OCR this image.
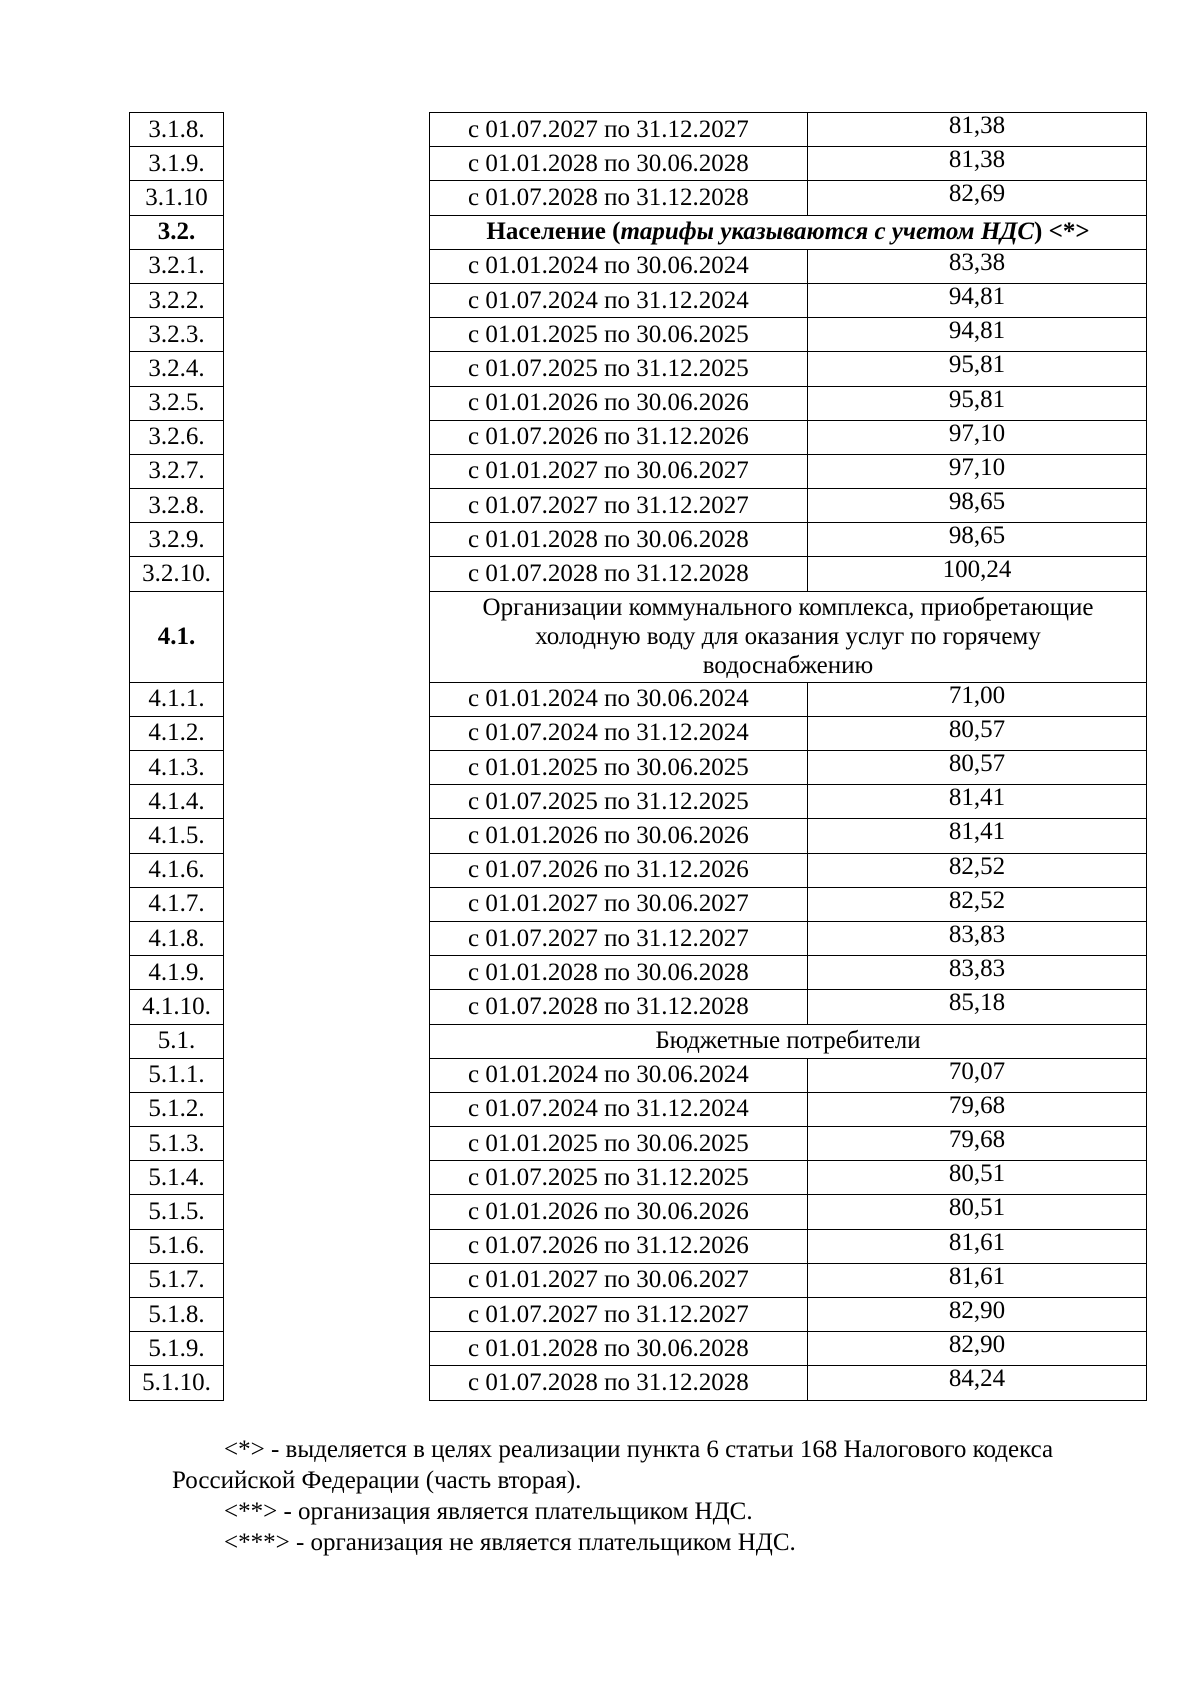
3.1.8.		с 01.07.2027 по 31.12.2027	81,38
3.1.9.		с 01.01.2028 по 30.06.2028	81,38
3.1.10		с 01.07.2028 по 31.12.2028	82,69
3.2.		Население (тарифы указываются с учетом НДС) <*>	
3.2.1.		с 01.01.2024 по 30.06.2024	83,38
3.2.2.		с 01.07.2024 по 31.12.2024	94,81
3.2.3.		с 01.01.2025 по 30.06.2025	94,81
3.2.4.		с 01.07.2025 по 31.12.2025	95,81
3.2.5.		с 01.01.2026 по 30.06.2026	95,81
3.2.6.		с 01.07.2026 по 31.12.2026	97,10
3.2.7.		с 01.01.2027 по 30.06.2027	97,10
3.2.8.		с 01.07.2027 по 31.12.2027	98,65
3.2.9.		с 01.01.2028 по 30.06.2028	98,65
3.2.10.		с 01.07.2028 по 31.12.2028	100,24
4.1.		Организации коммунального комплекса, приобретающие
холодную воду для оказания услуг по горячему
водоснабжению	

4.1.1.		с 01.01.2024 по 30.06.2024	71,00
4.1.2.		с 01.07.2024 по 31.12.2024	80,57
4.1.3.		с 01.01.2025 по 30.06.2025	80,57
4.1.4.		с 01.07.2025 по 31.12.2025	81,41
4.1.5.		с 01.01.2026 по 30.06.2026	81,41
4.1.6.		с 01.07.2026 по 31.12.2026	82,52
4.1.7.		с 01.01.2027 по 30.06.2027	82,52
4.1.8.		с 01.07.2027 по 31.12.2027	83,83
4.1.9.		с 01.01.2028 по 30.06.2028	83,83
4.1.10.		с 01.07.2028 по 31.12.2028	85,18
5.1.		Бюджетные потребители	

5.1.1.		с 01.01.2024 по 30.06.2024	70,07
5.1.2.		с 01.07.2024 по 31.12.2024	79,68
5.1.3.		с 01.01.2025 по 30.06.2025	79,68
5.1.4.		с 01.07.2025 по 31.12.2025	80,51
5.1.5.		с 01.01.2026 по 30.06.2026	80,51
5.1.6.		с 01.07.2026 по 31.12.2026	81,61
5.1.7.		с 01.01.2027 по 30.06.2027	81,61
5.1.8.		с 01.07.2027 по 31.12.2027	82,90
5.1.9.		с 01.01.2028 по 30.06.2028	82,90
5.1.10.		с 01.07.2028 по 31.12.2028	84,24

<*> - выделяется в целях реализации пункта 6 статьи 168 Налогового кодекса

Российской Федерации (часть вторая).

<**> - организация является плательщиком НДС.

<***> - организация не является плательщиком НДС.
